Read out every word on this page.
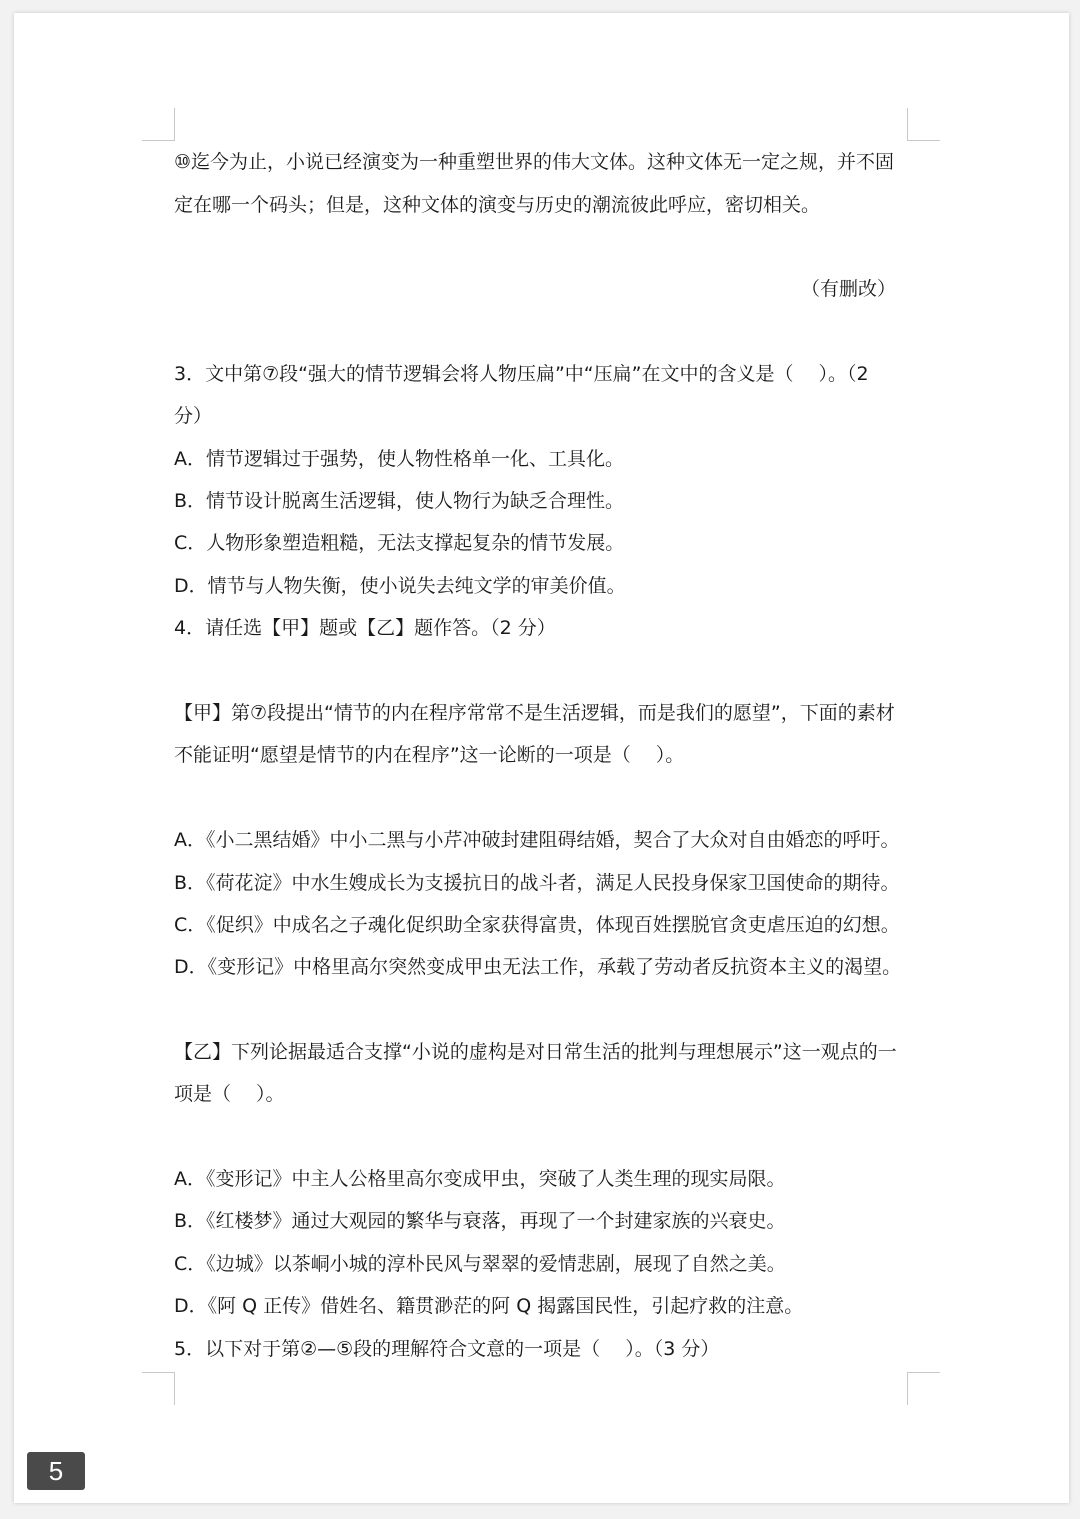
⑩迄今为止，小说已经演变为一种重塑世界的伟大文体。这种文体无一定之规，并不固
定在哪一个码头；但是，这种文体的演变与历史的潮流彼此呼应，密切相关。
（有删改）
3．文中第⑦段“强大的情节逻辑会将人物压扁”中“压扁”在文中的含义是（　 ）。（2
分）
A．情节逻辑过于强势，使人物性格单一化、工具化。
B．情节设计脱离生活逻辑，使人物行为缺乏合理性。
C．人物形象塑造粗糙，无法支撑起复杂的情节发展。
D．情节与人物失衡，使小说失去纯文学的审美价值。
4．请任选【甲】题或【乙】题作答。（2 分）
【甲】第⑦段提出“情节的内在程序常常不是生活逻辑，而是我们的愿望”，下面的素材
不能证明“愿望是情节的内在程序”这一论断的一项是（　 ）。
A．《小二黑结婚》中小二黑与小芹冲破封建阻碍结婚，契合了大众对自由婚恋的呼吁。
B．《荷花淀》中水生嫂成长为支援抗日的战斗者，满足人民投身保家卫国使命的期待。
C．《促织》中成名之子魂化促织助全家获得富贵，体现百姓摆脱官贪吏虐压迫的幻想。
D．《变形记》中格里高尔突然变成甲虫无法工作，承载了劳动者反抗资本主义的渴望。
【乙】下列论据最适合支撑“小说的虚构是对日常生活的批判与理想展示”这一观点的一
项是（　 ）。
A．《变形记》中主人公格里高尔变成甲虫，突破了人类生理的现实局限。
B．《红楼梦》通过大观园的繁华与衰落，再现了一个封建家族的兴衰史。
C．《边城》以茶峒小城的淳朴民风与翠翠的爱情悲剧，展现了自然之美。
D．《阿 Q 正传》借姓名、籍贯渺茫的阿 Q 揭露国民性，引起疗救的注意。
5．以下对于第②—⑤段的理解符合文意的一项是（　 ）。（3 分）
5
